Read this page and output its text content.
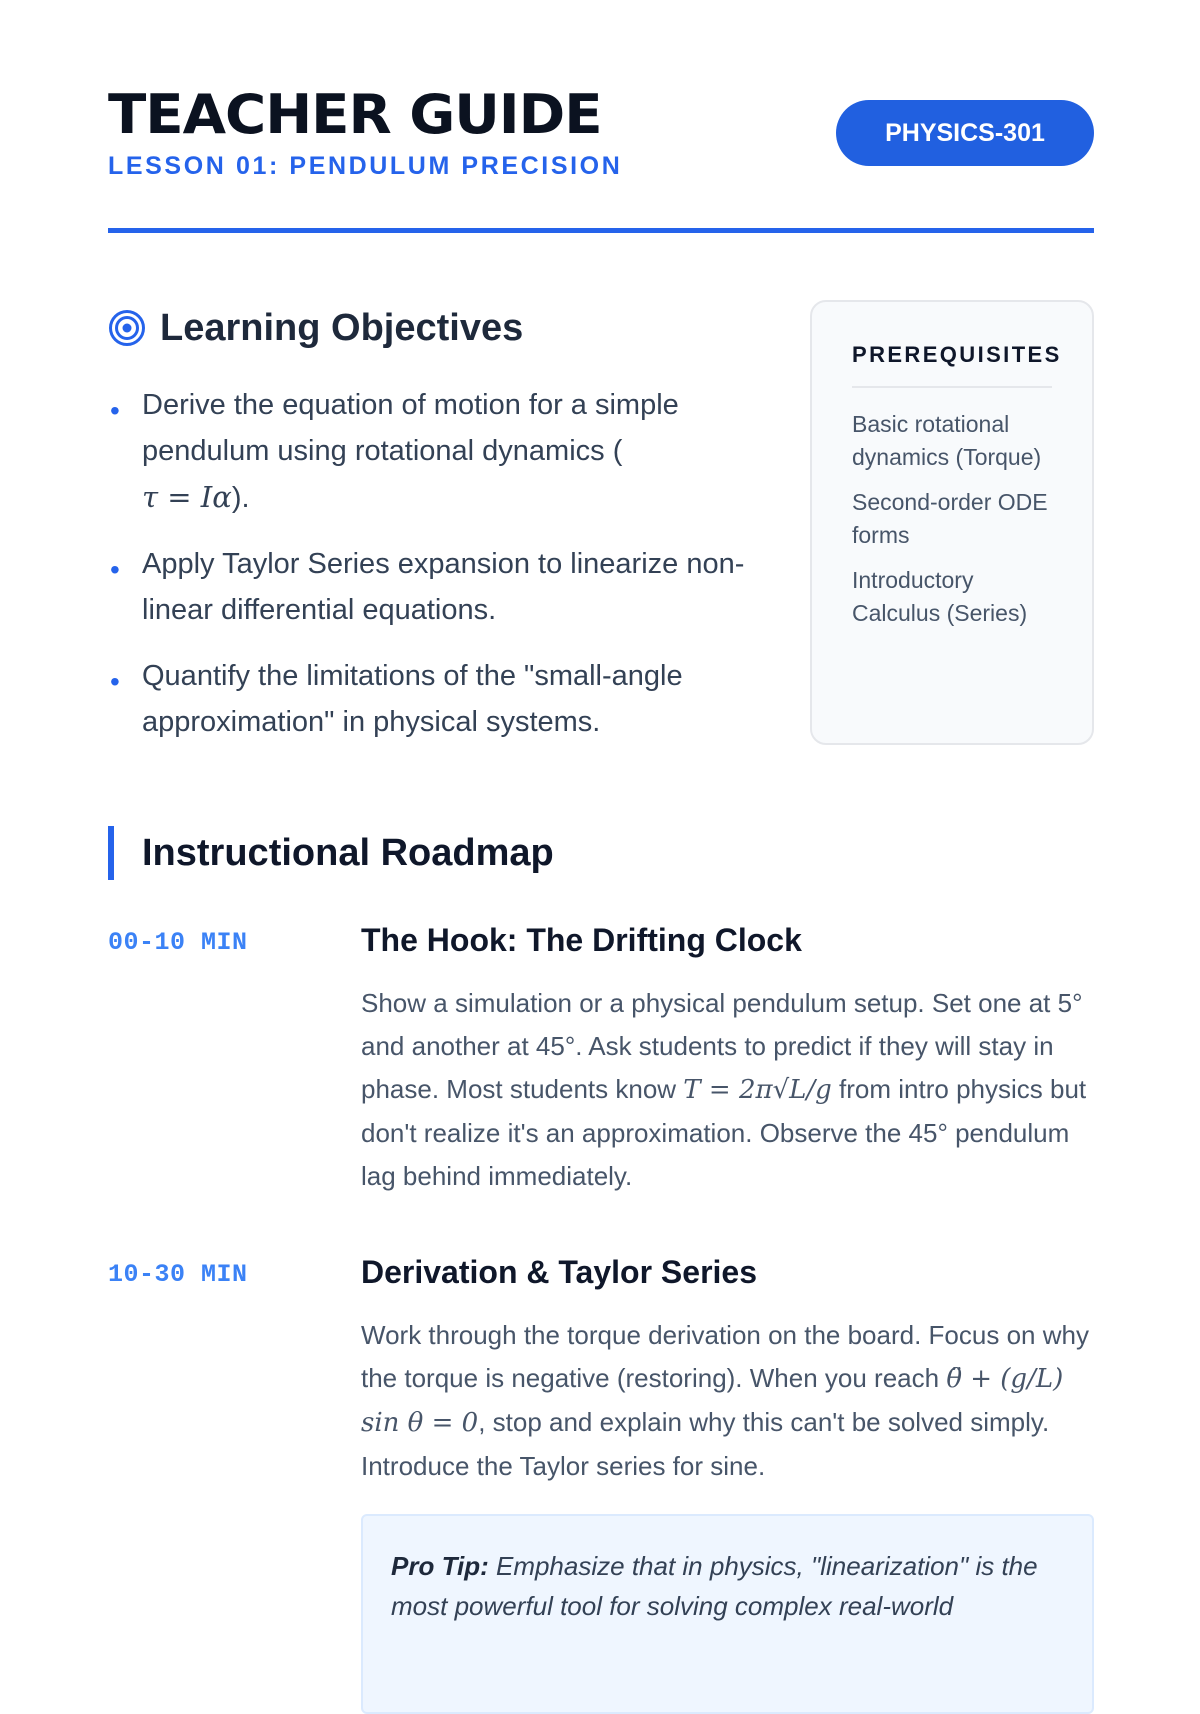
TEACHER GUIDE
LESSON 01: PENDULUM PRECISION
PHYSICS-301
Learning Objectives
• Derive the equation of motion for a simple pendulum using rotational dynamics (
τ = Iα).
• Apply Taylor Series expansion to linearize non-linear differential equations.
• Quantify the limitations of the "small-angle approximation" in physical systems.
PREREQUISITES
Basic rotational dynamics (Torque)
Second-order ODE forms
Introductory Calculus (Series)
Instructional Roadmap
00-10 MIN	The Hook: The Drifting Clock
Show a simulation or a physical pendulum setup. Set one at 5° and another at 45°. Ask students to predict if they will stay in phase. Most students know T = 2π√L/g from intro physics but don't realize it's an approximation. Observe the 45° pendulum lag behind immediately.
10-30 MIN	Derivation & Taylor Series
Work through the torque derivation on the board. Focus on why the torque is negative (restoring). When you reach θ̈ + (g/L) sin θ = 0, stop and explain why this can't be solved simply. Introduce the Taylor series for sine.
Pro Tip: Emphasize that in physics, "linearization" is the most powerful tool for solving complex real-world
